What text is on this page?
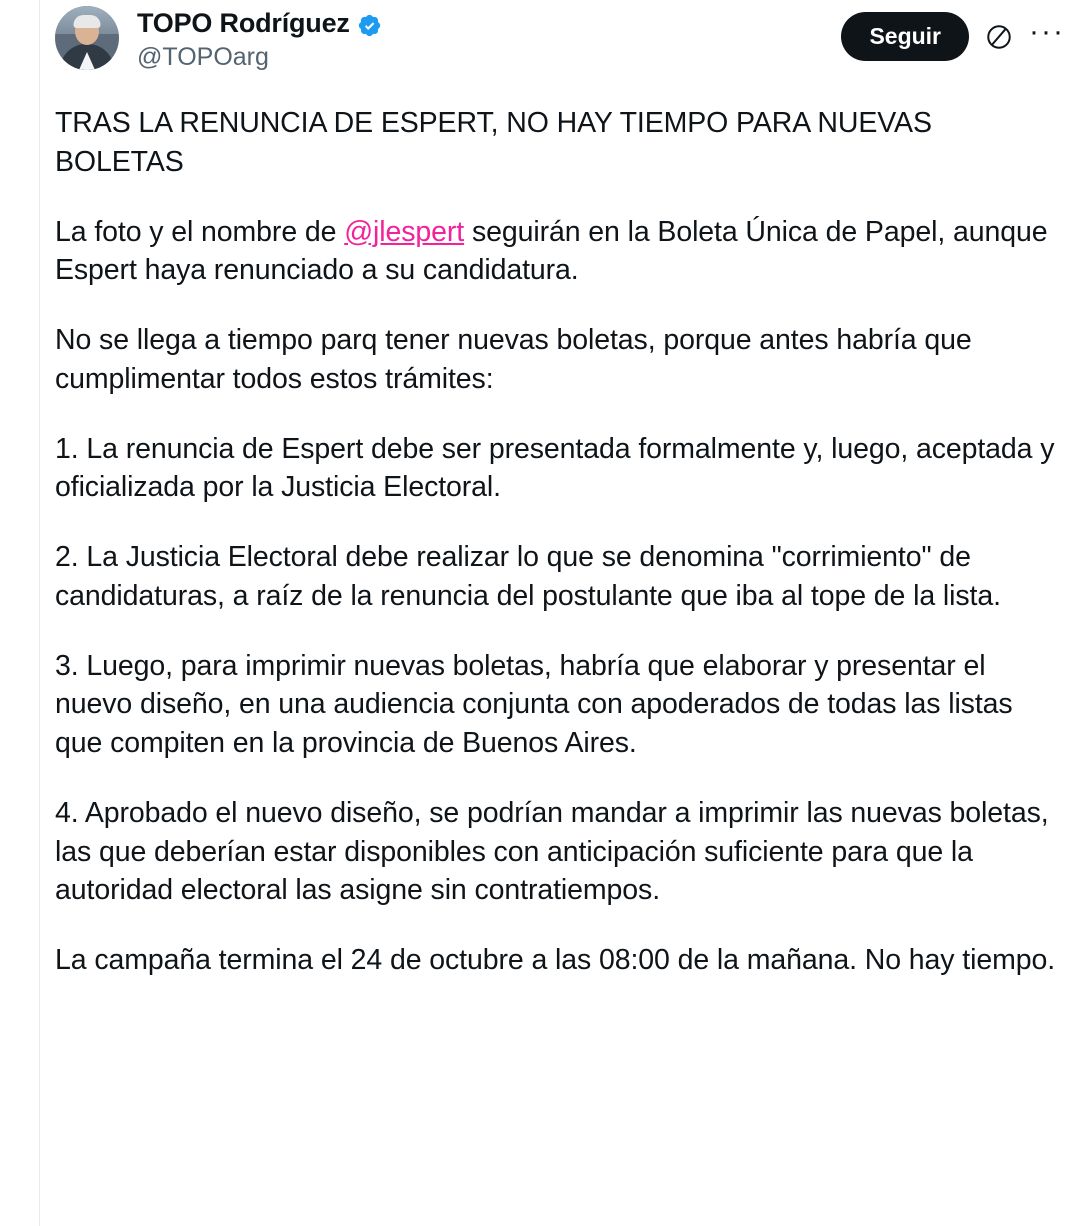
TOPO Rodríguez
@TOPOarg
Seguir	···

TRAS LA RENUNCIA DE ESPERT, NO HAY TIEMPO PARA NUEVAS BOLETAS

La foto y el nombre de @jlespert seguirán en la Boleta Única de Papel, aunque Espert haya renunciado a su candidatura.

No se llega a tiempo parq tener nuevas boletas, porque antes habría que cumplimentar todos estos trámites:

1. La renuncia de Espert debe ser presentada formalmente y, luego, aceptada y oficializada por la Justicia Electoral.

2. La Justicia Electoral debe realizar lo que se denomina "corrimiento" de candidaturas, a raíz de la renuncia del postulante que iba al tope de la lista.

3. Luego, para imprimir nuevas boletas, habría que elaborar y presentar el nuevo diseño, en una audiencia conjunta con apoderados de todas las listas que compiten en la provincia de Buenos Aires.

4. Aprobado el nuevo diseño, se podrían mandar a imprimir las nuevas boletas, las que deberían estar disponibles con anticipación suficiente para que la autoridad electoral las asigne sin contratiempos.

La campaña termina el 24 de octubre a las 08:00 de la mañana. No hay tiempo.
